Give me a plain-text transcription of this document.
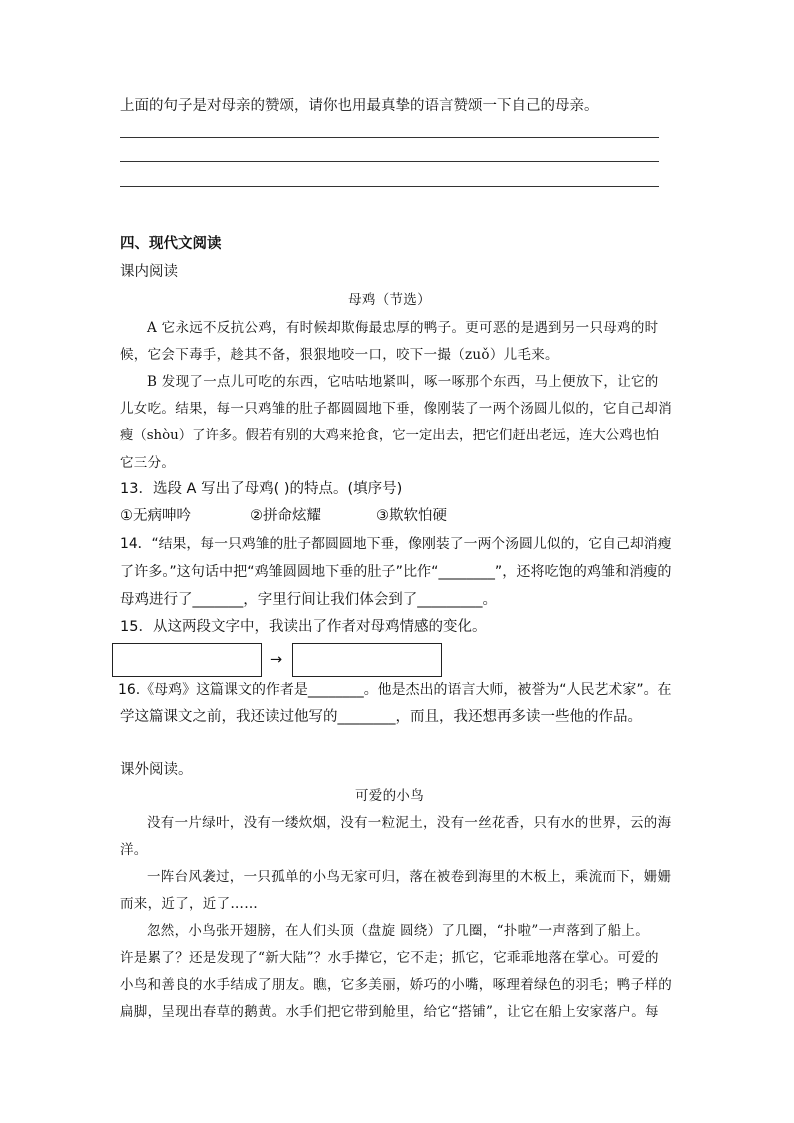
上面的句子是对母亲的赞颂，请你也用最真挚的语言赞颂一下自己的母亲。
四、现代文阅读
课内阅读
母鸡（节选）
A 它永远不反抗公鸡，有时候却欺侮最忠厚的鸭子。更可恶的是遇到另一只母鸡的时
候，它会下毒手，趁其不备，狠狠地咬一口，咬下一撮（zuǒ）儿毛来。
B 发现了一点儿可吃的东西，它咕咕地紧叫，啄一啄那个东西，马上便放下，让它的
儿女吃。结果，每一只鸡雏的肚子都圆圆地下垂，像刚装了一两个汤圆儿似的，它自己却消
瘦（shòu）了许多。假若有别的大鸡来抢食，它一定出去，把它们赶出老远，连大公鸡也怕
它三分。
13．选段 A 写出了母鸡( )的特点。(填序号)
①无病呻吟	②拼命炫耀	③欺软怕硬
14．“结果，每一只鸡雏的肚子都圆圆地下垂，像刚装了一两个汤圆儿似的，它自己却消瘦
了许多。”这句话中把“鸡雏圆圆地下垂的肚子”比作“________”，还将吃饱的鸡雏和消瘦的
母鸡进行了_______，字里行间让我们体会到了_________。
15．从这两段文字中，我读出了作者对母鸡情感的变化。
→
16.《母鸡》这篇课文的作者是________。他是杰出的语言大师，被誉为“人民艺术家”。在
学这篇课文之前，我还读过他写的________，而且，我还想再多读一些他的作品。
课外阅读。
可爱的小鸟
没有一片绿叶，没有一缕炊烟，没有一粒泥土，没有一丝花香，只有水的世界，云的海
洋。
一阵台风袭过，一只孤单的小鸟无家可归，落在被卷到海里的木板上，乘流而下，姗姗
而来，近了，近了……
忽然，小鸟张开翅膀，在人们头顶（盘旋 圆绕）了几圈，“扑啦”一声落到了船上。
许是累了？还是发现了“新大陆”？水手撵它，它不走；抓它，它乖乖地落在掌心。可爱的
小鸟和善良的水手结成了朋友。瞧，它多美丽，娇巧的小嘴，啄理着绿色的羽毛；鸭子样的
扁脚，呈现出春草的鹅黄。水手们把它带到舱里，给它“搭铺”，让它在船上安家落户。每
